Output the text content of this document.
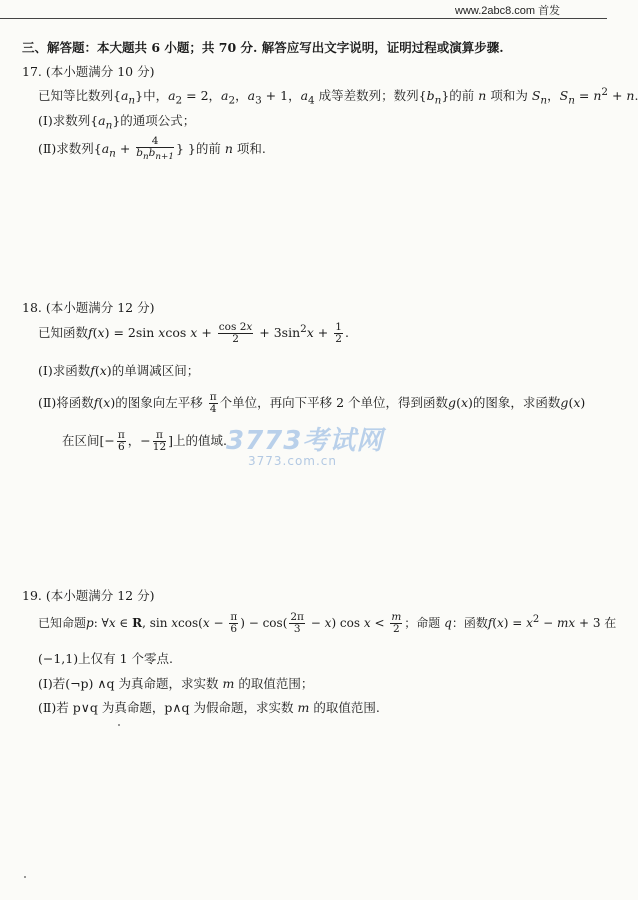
www.2abc8.com 首发
三、解答题：本大题共 6 小题；共 70 分. 解答应写出文字说明，证明过程或演算步骤.
17. (本小题满分 10 分)
已知等比数列$\{a_n\}$中，$a_2 = 2$，$a_2$，$a_3 + 1$，$a_4$ 成等差数列；数列$\{b_n\}$的前 n 项和为 $S_n$，$S_n = n^2 + n$
(Ⅰ)求数列$\{a_n\}$的通项公式；
(Ⅱ)求数列{$a_n + \frac{4}{b_nb_{n+1}}$ } }的前 n 项和.
18. (本小题满分 12 分)
已知函数f(x) = 2sin xcos $x + \frac{\cos 2x}{2} + 3\sin^2x + \frac{1}{2}$ .
(Ⅰ)求函数f(x)的单调减区间；
(Ⅱ)将函数f(x)的图象向左平移 $\frac{\pi}{4}$ 个单位，再向下平移 2 个单位，得到函数g(x)的图象，求函数g(x)
在区间[− $\frac{\pi}{6}$ ，− $\frac{\pi}{12}$ ]上的值域. 3773考试网
3773.com.cn
19. (本小题满分 12 分)
已知命题p: ∀x ∈ R, $\sin xcos(x - \frac{\pi}{6}$ ) − $\cos( \frac{2\pi}{3} - x)$ $\cos x < \frac{m}{2}$ ；命题 q：函数$f(x) = x^2$ − mx + 3 在
(−1,1)上仅有 1 个零点.
(Ⅰ)若(¬p) ∧q 为真命题，求实数 m 的取值范围；
(Ⅱ)若 p∨q 为真命题，p∧q 为假命题，求实数 m 的取值范围.
